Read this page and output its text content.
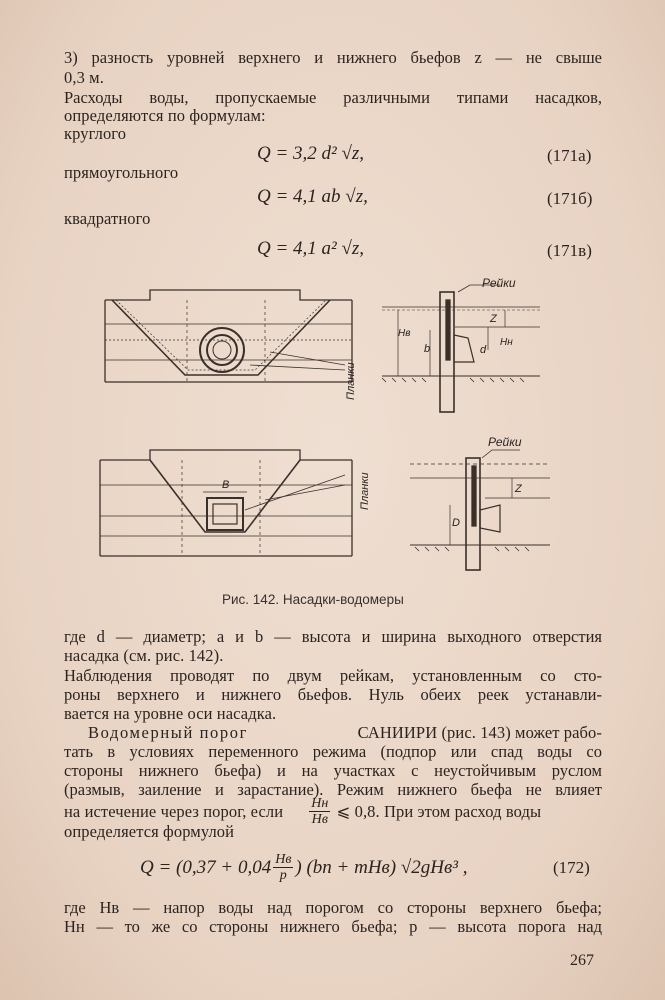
3) разность уровней верхнего и нижнего бьефов z — не свыше
0,3 м.
Расходы воды, пропускаемые различными типами насадков,
определяются по формулам:
круглого
Q = 3,2 d² √z,	(171а)
прямоугольного
Q = 4,1 ab √z,	(171б)
квадратного
Q = 4,1 a² √z,	(171в)
Планки
Рейки
Z
Hв
Hн
b	d
B	Планки
Рейки
Z
D
Рис. 142. Насадки-водомеры
где d — диаметр; a и b — высота и ширина выходного отверстия
насадка (см. рис. 142).
Наблюдения проводят по двум рейкам, установленным со сто-
роны верхнего и нижнего бьефов. Нуль обеих реек устанавли-
вается на уровне оси насадка.
Водомерный порог	САНИИРИ (рис. 143) может рабо-
тать в условиях переменного режима (подпор или спад воды со
стороны нижнего бьефа) и на участках с неустойчивым руслом
(размыв, заиление и зарастание). Режим нижнего бьефа не влияет
на истечение через порог, если $\frac{Hн}{Hв}$ ⩽ 0,8. При этом расход воды
определяется формулой
$Q = (0,37 + 0,04 \frac{Hв}{p}$ ) (bп + mHв) √2gHв³ ,	(172)
где Hв — напор воды над порогом со стороны верхнего бьефа;
Hн — то же со стороны нижнего бьефа; p — высота порога над
267
